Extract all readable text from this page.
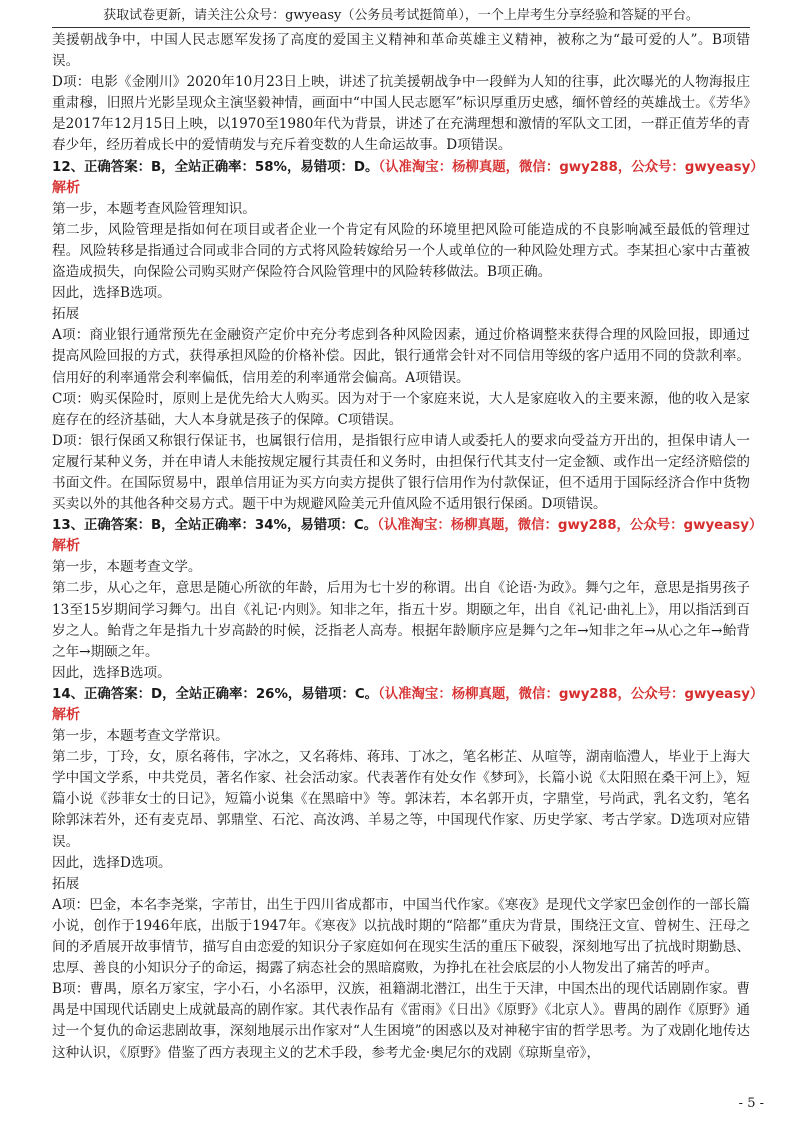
获取试卷更新，请关注公众号：gwyeasy（公务员考试挺简单），一个上岸考生分享经验和答疑的平台。

美援朝战争中，中国人民志愿军发扬了高度的爱国主义精神和革命英雄主义精神，被称之为“最可爱的人”。B项错误。

D项：电影《金刚川》2020年10月23日上映，讲述了抗美援朝战争中一段鲜为人知的往事，此次曝光的人物海报庄重肃穆，旧照片光影呈现众主演坚毅神情，画面中“中国人民志愿军”标识厚重历史感，缅怀曾经的英雄战士。《芳华》是2017年12月15日上映，以1970至1980年代为背景，讲述了在充满理想和激情的军队文工团，一群正值芳华的青春少年，经历着成长中的爱情萌发与充斥着变数的人生命运故事。D项错误。

12、正确答案：B，全站正确率：58%，易错项：D。（认准淘宝：杨柳真题，微信：gwy288，公众号：gwyeasy）

解析

第一步，本题考查风险管理知识。

第二步，风险管理是指如何在项目或者企业一个肯定有风险的环境里把风险可能造成的不良影响减至最低的管理过程。风险转移是指通过合同或非合同的方式将风险转嫁给另一个人或单位的一种风险处理方式。李某担心家中古董被盗造成损失，向保险公司购买财产保险符合风险管理中的风险转移做法。B项正确。

因此，选择B选项。

拓展

A项：商业银行通常预先在金融资产定价中充分考虑到各种风险因素，通过价格调整来获得合理的风险回报，即通过提高风险回报的方式，获得承担风险的价格补偿。因此，银行通常会针对不同信用等级的客户适用不同的贷款利率。信用好的利率通常会利率偏低，信用差的利率通常会偏高。A项错误。

C项：购买保险时，原则上是优先给大人购买。因为对于一个家庭来说，大人是家庭收入的主要来源，他的收入是家庭存在的经济基础，大人本身就是孩子的保障。C项错误。

D项：银行保函又称银行保证书，也属银行信用，是指银行应申请人或委托人的要求向受益方开出的，担保申请人一定履行某种义务，并在申请人未能按规定履行其责任和义务时，由担保行代其支付一定金额、或作出一定经济赔偿的书面文件。在国际贸易中，跟单信用证为买方向卖方提供了银行信用作为付款保证，但不适用于国际经济合作中货物买卖以外的其他各种交易方式。题干中为规避风险美元升值风险不适用银行保函。D项错误。

13、正确答案：B，全站正确率：34%，易错项：C。（认准淘宝：杨柳真题，微信：gwy288，公众号：gwyeasy）

解析

第一步，本题考查文学。

第二步，从心之年，意思是随心所欲的年龄，后用为七十岁的称谓。出自《论语·为政》。舞勺之年，意思是指男孩子13至15岁期间学习舞勺。出自《礼记·内则》。知非之年，指五十岁。期颐之年，出自《礼记·曲礼上》，用以指活到百岁之人。鲐背之年是指九十岁高龄的时候，泛指老人高寿。根据年龄顺序应是舞勺之年→知非之年→从心之年→鲐背之年→期颐之年。

因此，选择B选项。

14、正确答案：D，全站正确率：26%，易错项：C。（认准淘宝：杨柳真题，微信：gwy288，公众号：gwyeasy）

解析

第一步，本题考查文学常识。

第二步，丁玲，女，原名蒋伟，字冰之，又名蒋炜、蒋玮、丁冰之，笔名彬芷、从喧等，湖南临澧人，毕业于上海大学中国文学系，中共党员，著名作家、社会活动家。代表著作有处女作《梦珂》，长篇小说《太阳照在桑干河上》，短篇小说《莎菲女士的日记》，短篇小说集《在黑暗中》等。郭沫若，本名郭开贞，字鼎堂，号尚武，乳名文豹，笔名除郭沫若外，还有麦克昂、郭鼎堂、石沱、高汝鸿、羊易之等，中国现代作家、历史学家、考古学家。D选项对应错误。

因此，选择D选项。

拓展

A项：巴金，本名李尧棠，字芾甘，出生于四川省成都市，中国当代作家。《寒夜》是现代文学家巴金创作的一部长篇小说，创作于1946年底，出版于1947年。《寒夜》以抗战时期的“陪都”重庆为背景，围绕汪文宣、曾树生、汪母之间的矛盾展开故事情节，描写自由恋爱的知识分子家庭如何在现实生活的重压下破裂，深刻地写出了抗战时期勤恳、忠厚、善良的小知识分子的命运，揭露了病态社会的黑暗腐败，为挣扎在社会底层的小人物发出了痛苦的呼声。

B项：曹禺，原名万家宝，字小石，小名添甲，汉族，祖籍湖北潜江，出生于天津，中国杰出的现代话剧剧作家。曹禺是中国现代话剧史上成就最高的剧作家。其代表作品有《雷雨》《日出》《原野》《北京人》。曹禺的剧作《原野》通过一个复仇的命运悲剧故事，深刻地展示出作家对“人生困境”的困惑以及对神秘宇宙的哲学思考。为了戏剧化地传达这种认识，《原野》借鉴了西方表现主义的艺术手段，参考尤金·奥尼尔的戏剧《琼斯皇帝》，

- 5 -
